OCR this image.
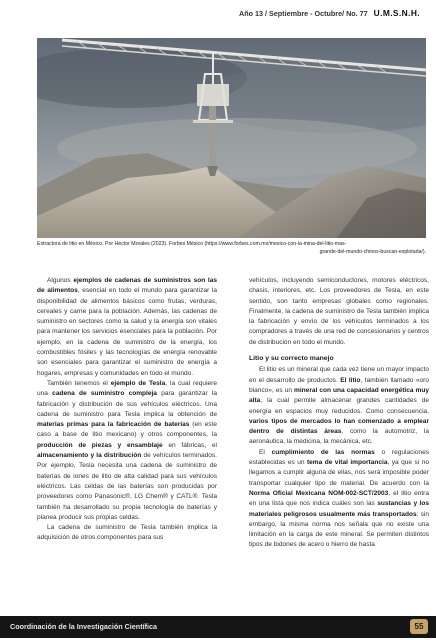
Año 13 / Septiembre - Octubre/ No. 77 U.M.S.N.H.
Extractora de litio en México. Por Héctor Morales (2023). Forbes México (https://www.forbes.com.mx/mexico-con-la-mina-del-litio-mas-
grande-del-mundo-chinos-buscan-explotarla/).

Algunos ejemplos de cadenas de suministros son las de alimentos, esencial en todo el mundo para garantizar la disponibilidad de alimentos básicos como frutas, verduras, cereales y carne para la población. Además, las cadenas de suministro en sectores como la salud y la energía son vitales para mantener los servicios esenciales para la población. Por ejemplo, en la cadena de suministro de la energía, los combustibles fósiles y las tecnologías de energía renovable son esenciales para garantizar el suministro de energía a hogares, empresas y comunidades en todo el mundo.

También tenemos el ejemplo de Tesla, la cual requiere una cadena de suministro compleja para garantizar la fabricación y distribución de sus vehículos eléctricos. Una cadena de suministro para Tesla implica la obtención de materias primas para la fabricación de baterías (en este caso a base de litio mexicano) y otros componentes, la producción de piezas y ensamblaje en fábricas, el almacenamiento y la distribución de vehículos terminados. Por ejemplo, Tesla necesita una cadena de suministro de baterías de iones de litio de alta calidad para sus vehículos eléctricos. Las celdas de las baterías son producidas por proveedores como Panasonic®, LG Chem® y CATL®. Tesla también ha desarrollado su propia tecnología de baterías y planea producir sus propias celdas.

La cadena de suministro de Tesla también implica la adquisición de otros componentes para sus

vehículos, incluyendo semiconductores, motores eléctricos, chasis, interiores, etc. Los proveedores de Tesla, en este sentido, son tanto empresas globales como regionales. Finalmente, la cadena de suministro de Tesla también implica la fabricación y envío de los vehículos terminados a los compradores a través de una red de concesionarios y centros de distribución en todo el mundo.

Litio y su correcto manejo

El litio es un mineral que cada vez tiene un mayor impacto en el desarrollo de productos. El litio, también llamado «oro blanco», es un mineral con una capacidad energética muy alta, la cual permite almacenar grandes cantidades de energía en espacios muy reducidos. Como consecuencia, varios tipos de mercados lo han comenzado a emplear dentro de distintas áreas, como la automotriz, la aeronáutica, la medicina, la mecánica, etc.

El cumplimiento de las normas o regulaciones establecidas es un tema de vital importancia, ya que si no llegamos a cumplir alguna de ellas, nos será imposible poder transportar cualquier tipo de material. De acuerdo con la Norma Oficial Mexicana NOM-002-SCT/2003, el litio entra en una lista que nos indica cuáles son las sustancias y los materiales peligrosos usualmente más transportados; sin embargo, la misma norma nos señala que no existe una limitación en la carga de este mineral. Se permiten distintos tipos de bidones de acero o hierro de hasta

Coordinación de la Investigación Científica	55
